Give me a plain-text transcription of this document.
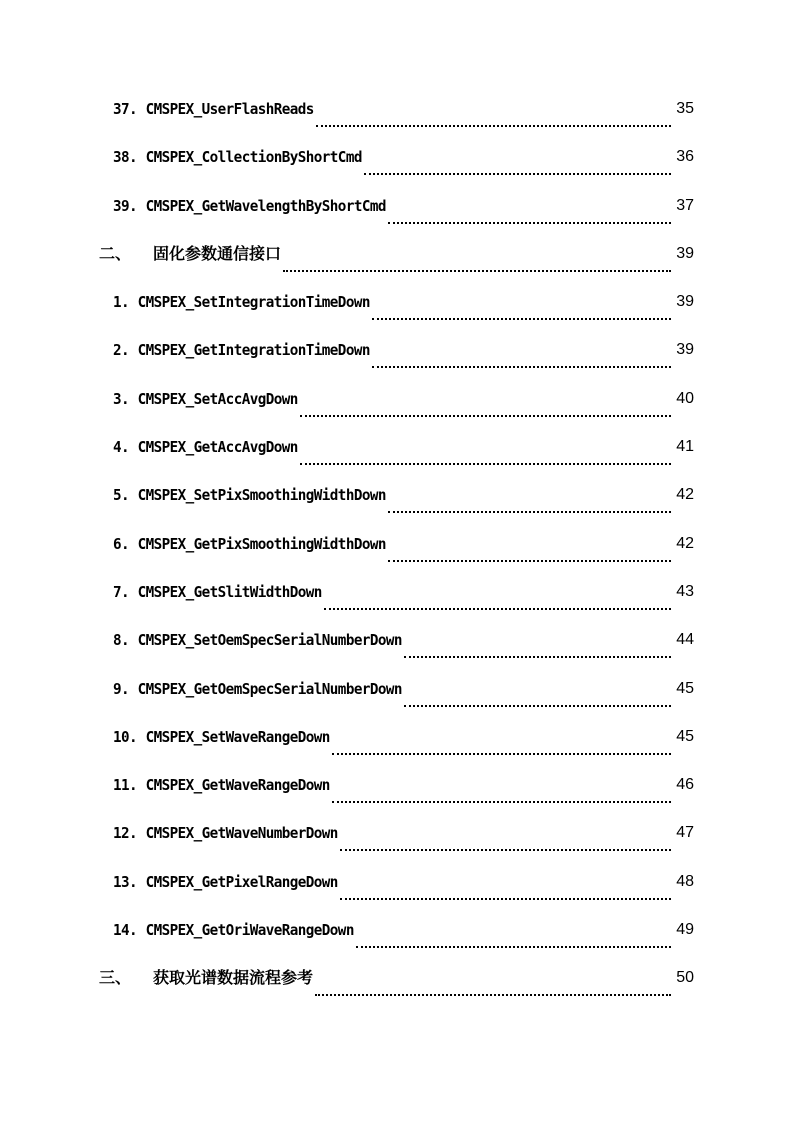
37. CMSPEX_UserFlashReads	35
38. CMSPEX_CollectionByShortCmd	36
39. CMSPEX_GetWavelengthByShortCmd	37
二、 固化参数通信接口	39
1. CMSPEX_SetIntegrationTimeDown	39
2. CMSPEX_GetIntegrationTimeDown	39
3. CMSPEX_SetAccAvgDown	40
4. CMSPEX_GetAccAvgDown	41
5. CMSPEX_SetPixSmoothingWidthDown	42
6. CMSPEX_GetPixSmoothingWidthDown	42
7. CMSPEX_GetSlitWidthDown	43
8. CMSPEX_SetOemSpecSerialNumberDown	44
9. CMSPEX_GetOemSpecSerialNumberDown	45
10. CMSPEX_SetWaveRangeDown	45
11. CMSPEX_GetWaveRangeDown	46
12. CMSPEX_GetWaveNumberDown	47
13. CMSPEX_GetPixelRangeDown	48
14. CMSPEX_GetOriWaveRangeDown	49
三、 获取光谱数据流程参考	50
